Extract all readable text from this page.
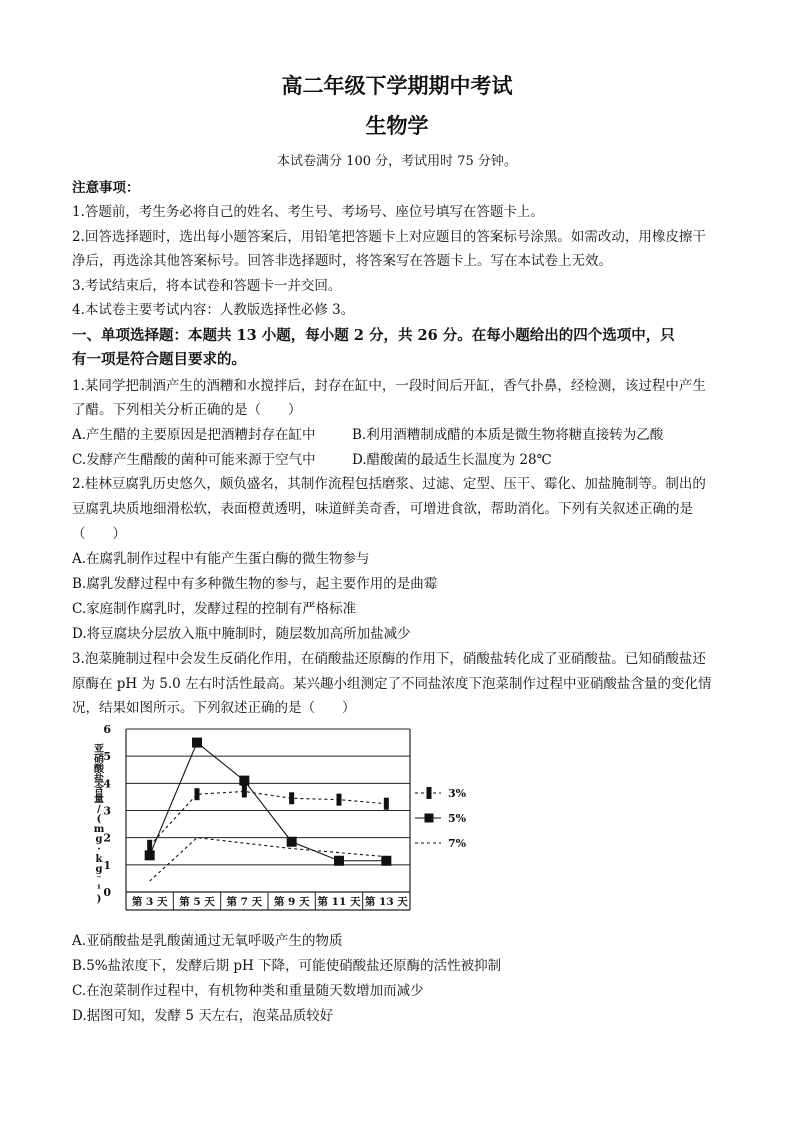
高二年级下学期期中考试
生物学
本试卷满分 100 分，考试用时 75 分钟。
注意事项：
1.答题前，考生务必将自己的姓名、考生号、考场号、座位号填写在答题卡上。
2.回答选择题时，选出每小题答案后，用铅笔把答题卡上对应题目的答案标号涂黑。如需改动，用橡皮擦干
净后，再选涂其他答案标号。回答非选择题时，将答案写在答题卡上。写在本试卷上无效。
3.考试结束后，将本试卷和答题卡一并交回。
4.本试卷主要考试内容：人教版选择性必修 3。
一、单项选择题：本题共 13 小题，每小题 2 分，共 26 分。在每小题给出的四个选项中，只
有一项是符合题目要求的。
1.某同学把制酒产生的酒糟和水搅拌后，封存在缸中，一段时间后开缸，香气扑鼻，经检测，该过程中产生
了醋。下列相关分析正确的是（　　）
A.产生醋的主要原因是把酒糟封存在缸中	B.利用酒糟制成醋的本质是微生物将糖直接转为乙酸
C.发酵产生醋酸的菌种可能来源于空气中	D.醋酸菌的最适生长温度为 28℃
2.桂林豆腐乳历史悠久，颇负盛名，其制作流程包括磨浆、过滤、定型、压干、霉化、加盐腌制等。制出的
豆腐乳块质地细滑松软，表面橙黄透明，味道鲜美奇香，可增进食欲，帮助消化。下列有关叙述正确的是
（　　）
A.在腐乳制作过程中有能产生蛋白酶的微生物参与
B.腐乳发酵过程中有多种微生物的参与，起主要作用的是曲霉
C.家庭制作腐乳时，发酵过程的控制有严格标准
D.将豆腐块分层放入瓶中腌制时，随层数加高所加盐减少
3.泡菜腌制过程中会发生反硝化作用，在硝酸盐还原酶的作用下，硝酸盐转化成了亚硝酸盐。已知硝酸盐还
原酶在 pH 为 5.0 左右时活性最高。某兴趣小组测定了不同盐浓度下泡菜制作过程中亚硝酸盐含量的变化情
况，结果如图所示。下列叙述正确的是（　　）
亚
硝
酸
盐
含
量
/
(
m
g
·
k
g
⁻
¹
)
0
1
2
3
4
5
6
第 3 天 第 5 天 第 7 天 第 9 天 第 11 天 第 13 天
3%
5%
7%
A.亚硝酸盐是乳酸菌通过无氧呼吸产生的物质
B.5%盐浓度下，发酵后期 pH 下降，可能使硝酸盐还原酶的活性被抑制
C.在泡菜制作过程中，有机物种类和重量随天数增加而减少
D.据图可知，发酵 5 天左右，泡菜品质较好
